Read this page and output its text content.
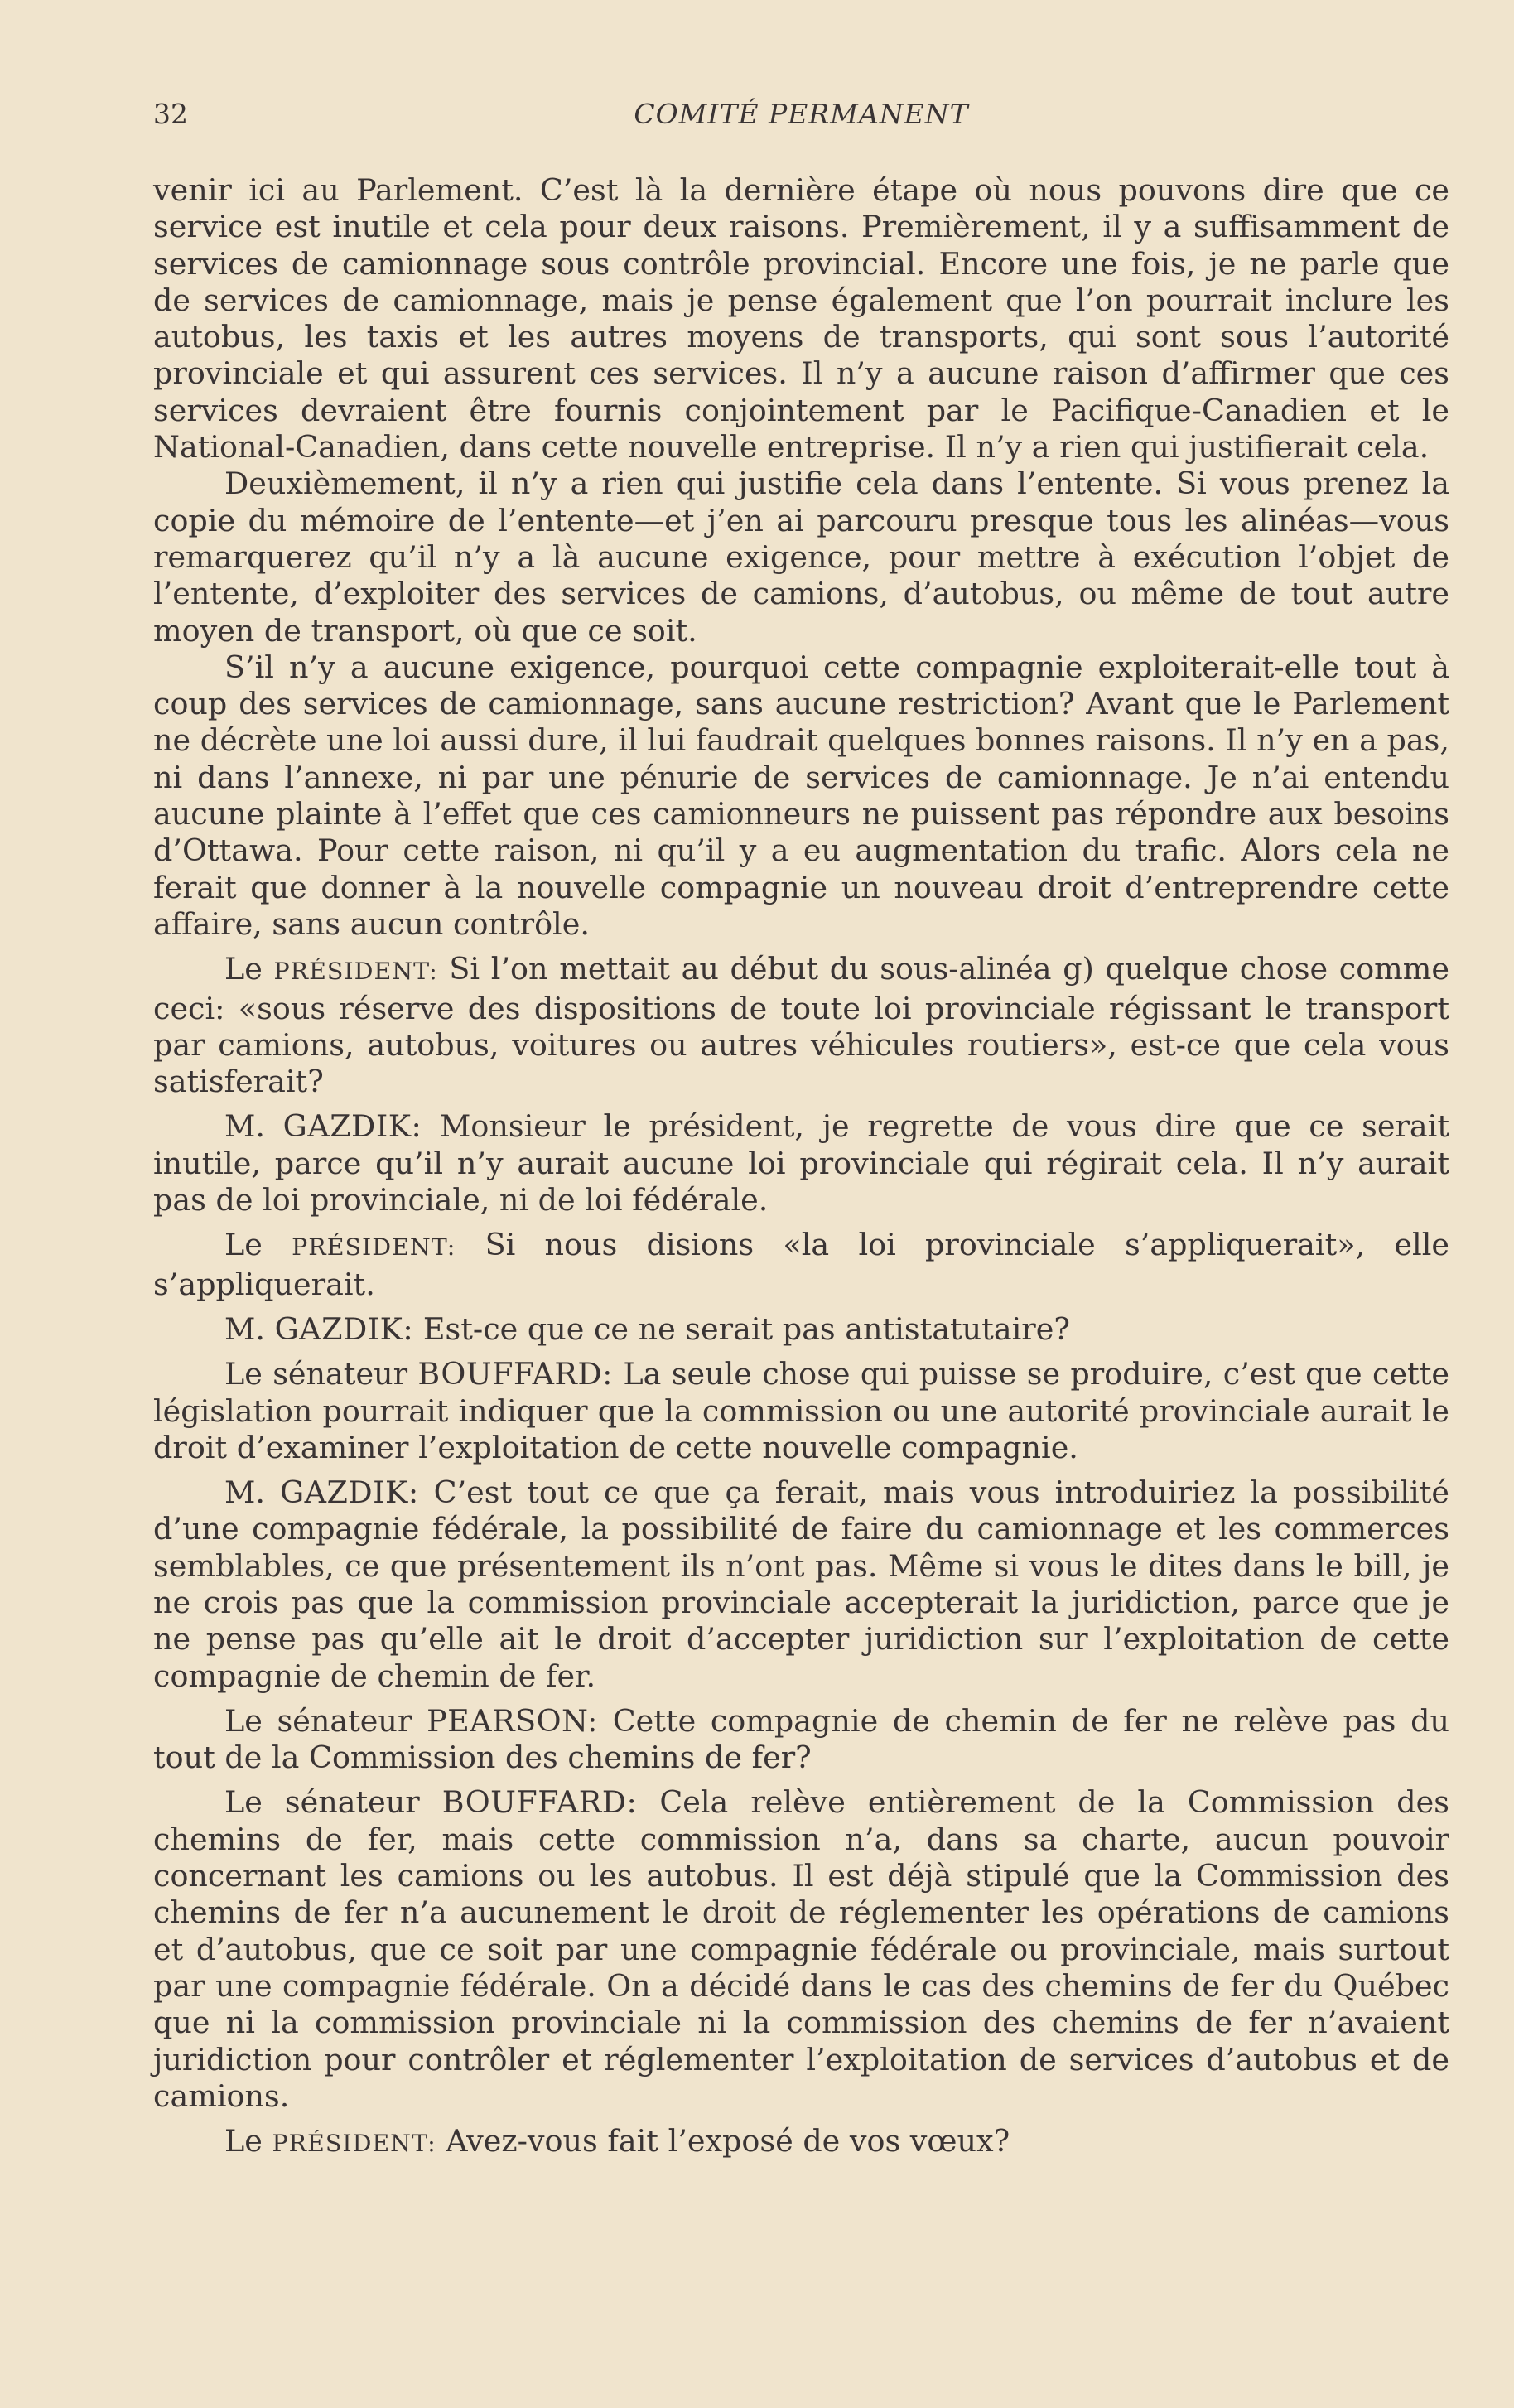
32	COMITÉ PERMANENT

venir ici au Parlement. C’est là la dernière étape où nous pouvons dire que ce service est inutile et cela pour deux raisons. Premièrement, il y a suffisamment de services de camionnage sous contrôle provincial. Encore une fois, je ne parle que de services de camionnage, mais je pense également que l’on pourrait inclure les autobus, les taxis et les autres moyens de transports, qui sont sous l’autorité provinciale et qui assurent ces services. Il n’y a aucune raison d’affirmer que ces services devraient être fournis conjointement par le Pacifique-Canadien et le National-Canadien, dans cette nouvelle entreprise. Il n’y a rien qui justifierait cela.

Deuxièmement, il n’y a rien qui justifie cela dans l’entente. Si vous prenez la copie du mémoire de l’entente—et j’en ai parcouru presque tous les alinéas—vous remarquerez qu’il n’y a là aucune exigence, pour mettre à exécution l’objet de l’entente, d’exploiter des services de camions, d’autobus, ou même de tout autre moyen de transport, où que ce soit.

S’il n’y a aucune exigence, pourquoi cette compagnie exploiterait-elle tout à coup des services de camionnage, sans aucune restriction? Avant que le Parlement ne décrète une loi aussi dure, il lui faudrait quelques bonnes raisons. Il n’y en a pas, ni dans l’annexe, ni par une pénurie de services de camionnage. Je n’ai entendu aucune plainte à l’effet que ces camionneurs ne puissent pas répondre aux besoins d’Ottawa. Pour cette raison, ni qu’il y a eu augmentation du trafic. Alors cela ne ferait que donner à la nouvelle compagnie un nouveau droit d’entreprendre cette affaire, sans aucun contrôle.

Le PRÉSIDENT: Si l’on mettait au début du sous-alinéa g) quelque chose comme ceci: «sous réserve des dispositions de toute loi provinciale régissant le transport par camions, autobus, voitures ou autres véhicules routiers», est-ce que cela vous satisferait?

M. GAZDIK: Monsieur le président, je regrette de vous dire que ce serait inutile, parce qu’il n’y aurait aucune loi provinciale qui régirait cela. Il n’y aurait pas de loi provinciale, ni de loi fédérale.

Le PRÉSIDENT: Si nous disions «la loi provinciale s’appliquerait», elle s’appliquerait.

M. GAZDIK: Est-ce que ce ne serait pas antistatutaire?

Le sénateur BOUFFARD: La seule chose qui puisse se produire, c’est que cette législation pourrait indiquer que la commission ou une autorité provinciale aurait le droit d’examiner l’exploitation de cette nouvelle compagnie.

M. GAZDIK: C’est tout ce que ça ferait, mais vous introduiriez la possibilité d’une compagnie fédérale, la possibilité de faire du camionnage et les commerces semblables, ce que présentement ils n’ont pas. Même si vous le dites dans le bill, je ne crois pas que la commission provinciale accepterait la juridiction, parce que je ne pense pas qu’elle ait le droit d’accepter juridiction sur l’exploitation de cette compagnie de chemin de fer.

Le sénateur PEARSON: Cette compagnie de chemin de fer ne relève pas du tout de la Commission des chemins de fer?

Le sénateur BOUFFARD: Cela relève entièrement de la Commission des chemins de fer, mais cette commission n’a, dans sa charte, aucun pouvoir concernant les camions ou les autobus. Il est déjà stipulé que la Commission des chemins de fer n’a aucunement le droit de réglementer les opérations de camions et d’autobus, que ce soit par une compagnie fédérale ou provinciale, mais surtout par une compagnie fédérale. On a décidé dans le cas des chemins de fer du Québec que ni la commission provinciale ni la commission des chemins de fer n’avaient juridiction pour contrôler et réglementer l’exploitation de services d’autobus et de camions.

Le PRÉSIDENT: Avez-vous fait l’exposé de vos vœux?
